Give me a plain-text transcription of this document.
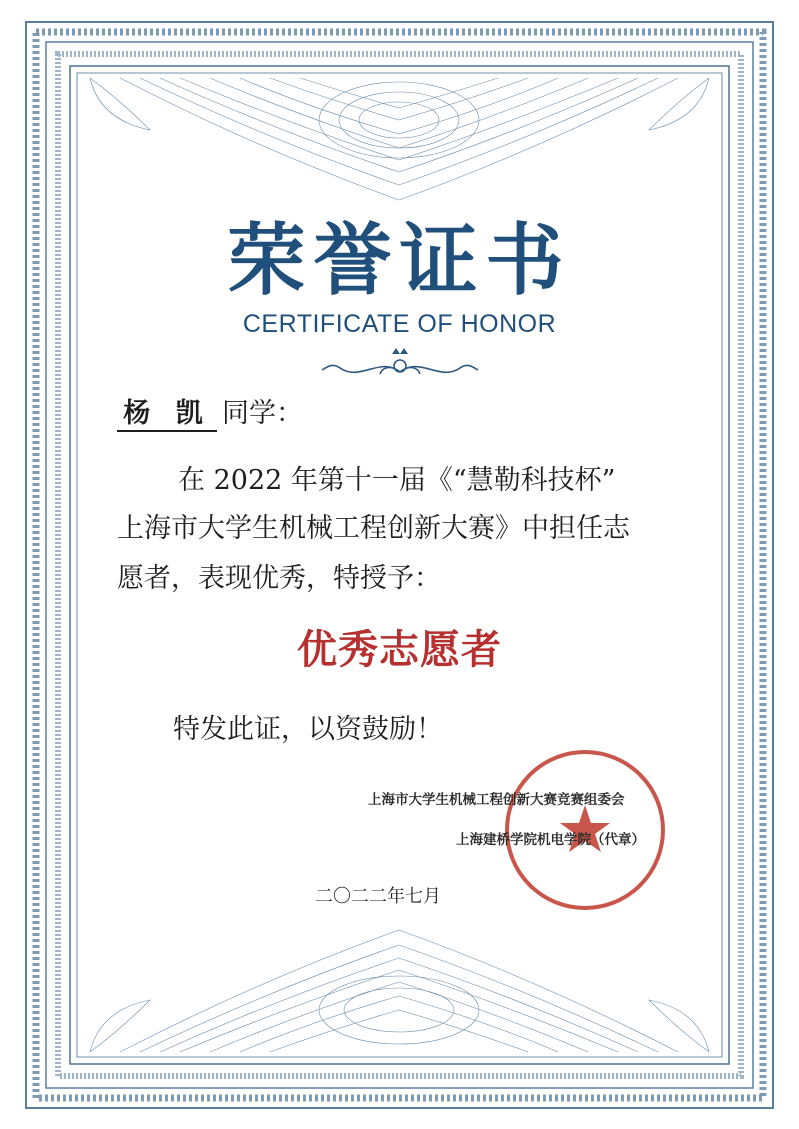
荣誉证书
CERTIFICATE OF HONOR
杨 凯 同学：
在 2022 年第十一届《“慧勒科技杯”
上海市大学生机械工程创新大赛》中担任志
愿者，表现优秀，特授予：
优秀志愿者
特发此证，以资鼓励！
上海市大学生机械工程创新大赛竞赛组委会
上海建桥学院机电学院（代章）
二〇二二年七月
